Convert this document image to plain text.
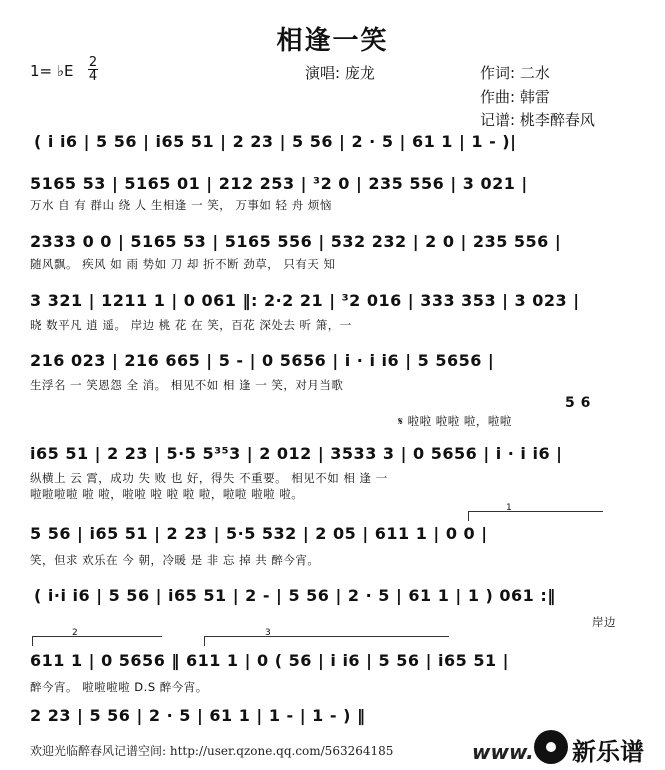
相逢一笑
1= ♭E 2
4	演唱: 庞龙	作词: 二水
作曲: 韩雷
记谱: 桃李醉春风
( i i6 | 5 56 | i65 51 | 2 23 | 5 56 | 2 · 5 | 61 1 | 1 - )|
5165 53 | 5165 01 | 212 253 | ³2 0 | 235 556 | 3 021 |
万水 自 有 群山 绕 人 生相逢 一 笑， 万事如 轻 舟 烦恼
2333 0 0 | 5165 53 | 5165 556 | 532 232 | 2 0 | 235 556 |
随风飘。 疾风 如 雨 势如 刀 却 折不断 劲草， 只有天 知
3 321 | 1211 1 | 0 061 ‖: 2·2 21 | ³2 016 | 333 353 | 3 023 |
晓 数平凡 逍 遥。 岸边 桃 花 在 笑，百花 深处去 听 箫，一
216 023 | 216 665 | 5 - | 0 5656 | i · i i6 | 5 5656 |
生浮名 一 笑恩怨 全 消。 相见不如 相 逢 一 笑，对月当歌
5 6
𝄋 啦啦 啦啦 啦，啦啦
i65 51 | 2 23 | 5·5 5³⁵3 | 2 012 | 3533 3 | 0 5656 | i · i i6 |
纵横上 云 霄，成功 失 败 也 好，得失 不重要。 相见不如 相 逢 一
啦啦啦啦 啦 啦，啦啦 啦 啦 啦 啦，啦啦 啦啦 啦。
1
5 56 | i65 51 | 2 23 | 5·5 532 | 2 05 | 611 1 | 0 0 |
笑，但求 欢乐在 今 朝，冷暖 是 非 忘 掉 共 醉今宵。
( i·i i6 | 5 56 | i65 51 | 2 - | 5 56 | 2 · 5 | 61 1 | 1 ) 061 :‖
岸边
2	3
611 1 | 0 5656 ‖ 611 1 | 0 ( 56 | i i6 | 5 56 | i65 51 |
醉今宵。 啦啦啦啦 D.S 醉今宵。
2 23 | 5 56 | 2 · 5 | 61 1 | 1 - | 1 - ) ‖
欢迎光临醉春风记谱空间: http://user.qzone.qq.com/563264185	www. 新乐谱
